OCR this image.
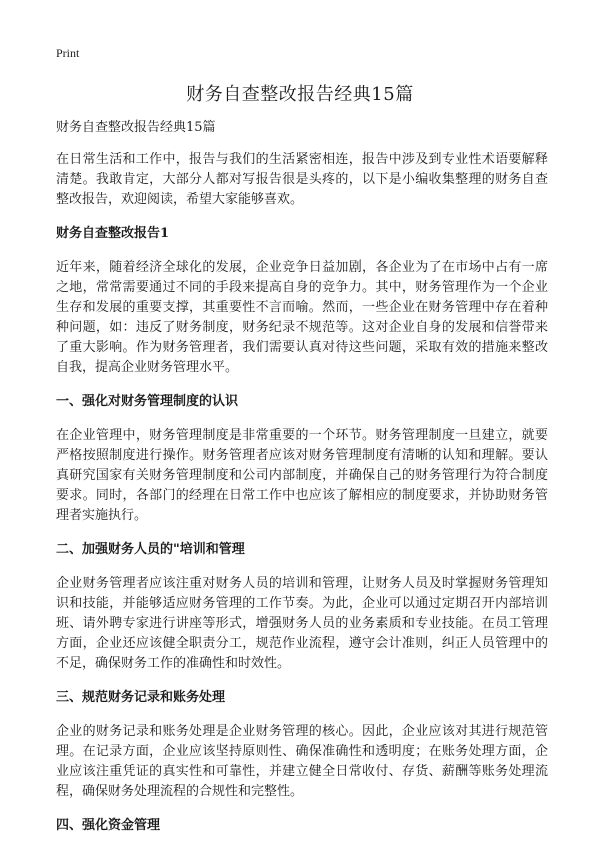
Print
财务自查整改报告经典15篇

财务自查整改报告经典15篇

在日常生活和工作中，报告与我们的生活紧密相连，报告中涉及到专业性术语要解释清楚。我敢肯定，大部分人都对写报告很是头疼的，以下是小编收集整理的财务自查整改报告，欢迎阅读，希望大家能够喜欢。

财务自查整改报告1

近年来，随着经济全球化的发展，企业竞争日益加剧，各企业为了在市场中占有一席之地，常常需要通过不同的手段来提高自身的竞争力。其中，财务管理作为一个企业生存和发展的重要支撑，其重要性不言而喻。然而，一些企业在财务管理中存在着种种问题，如：违反了财务制度，财务纪录不规范等。这对企业自身的发展和信誉带来了重大影响。作为财务管理者，我们需要认真对待这些问题，采取有效的措施来整改自我，提高企业财务管理水平。

一、强化对财务管理制度的认识

在企业管理中，财务管理制度是非常重要的一个环节。财务管理制度一旦建立，就要严格按照制度进行操作。财务管理者应该对财务管理制度有清晰的认知和理解。要认真研究国家有关财务管理制度和公司内部制度，并确保自己的财务管理行为符合制度要求。同时，各部门的经理在日常工作中也应该了解相应的制度要求，并协助财务管理者实施执行。

二、加强财务人员的"培训和管理

企业财务管理者应该注重对财务人员的培训和管理，让财务人员及时掌握财务管理知识和技能，并能够适应财务管理的工作节奏。为此，企业可以通过定期召开内部培训班、请外聘专家进行讲座等形式，增强财务人员的业务素质和专业技能。在员工管理方面，企业还应该健全职责分工，规范作业流程，遵守会计准则，纠正人员管理中的不足，确保财务工作的准确性和时效性。

三、规范财务记录和账务处理

企业的财务记录和账务处理是企业财务管理的核心。因此，企业应该对其进行规范管理。在记录方面，企业应该坚持原则性、确保准确性和透明度；在账务处理方面，企业应该注重凭证的真实性和可靠性，并建立健全日常收付、存货、薪酬等账务处理流程，确保财务处理流程的合规性和完整性。

四、强化资金管理
